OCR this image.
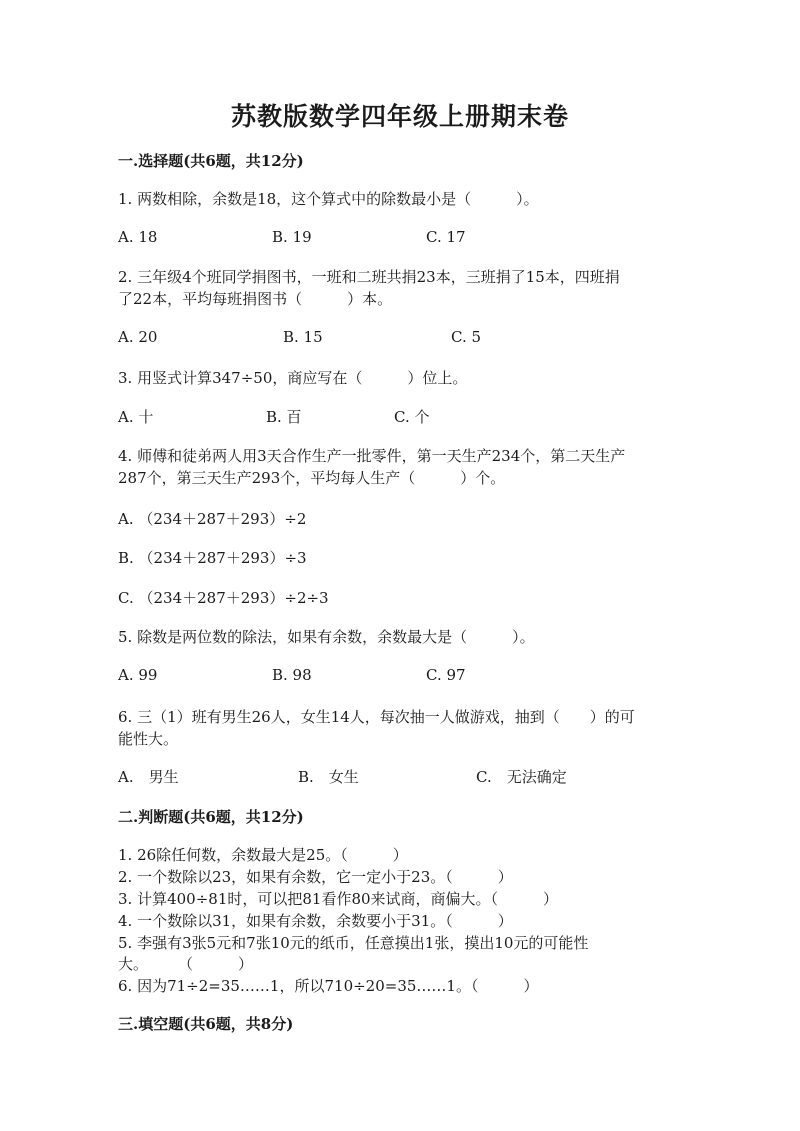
苏教版数学四年级上册期末卷
一.选择题(共6题，共12分)
1. 两数相除，余数是18，这个算式中的除数最小是（　　　）。
A. 18	B. 19	C. 17
2. 三年级4个班同学捐图书，一班和二班共捐23本，三班捐了15本，四班捐
了22本，平均每班捐图书（　　　）本。
A. 20	B. 15	C. 5
3. 用竖式计算347÷50，商应写在（　　　）位上。
A. 十	B. 百	C. 个
4. 师傅和徒弟两人用3天合作生产一批零件，第一天生产234个，第二天生产
287个，第三天生产293个，平均每人生产（　　　）个。
A. （234＋287＋293）÷2
B. （234＋287＋293）÷3
C. （234＋287＋293）÷2÷3
5. 除数是两位数的除法，如果有余数，余数最大是（　　　）。
A. 99	B. 98	C. 97
6. 三（1）班有男生26人，女生14人，每次抽一人做游戏，抽到（　　）的可
能性大。
A.　男生	B.　女生	C.　无法确定
二.判断题(共6题，共12分)
1. 26除任何数，余数最大是25。（　　　）
2. 一个数除以23，如果有余数，它一定小于23。（　　　）
3. 计算400÷81时，可以把81看作80来试商，商偏大。（　　　）
4. 一个数除以31，如果有余数，余数要小于31。（　　　）
5. 李强有3张5元和7张10元的纸币，任意摸出1张，摸出10元的可能性
大。　　　（　　　）
6. 因为71÷2=35……1，所以710÷20=35……1。（　　　）
三.填空题(共6题，共8分)
